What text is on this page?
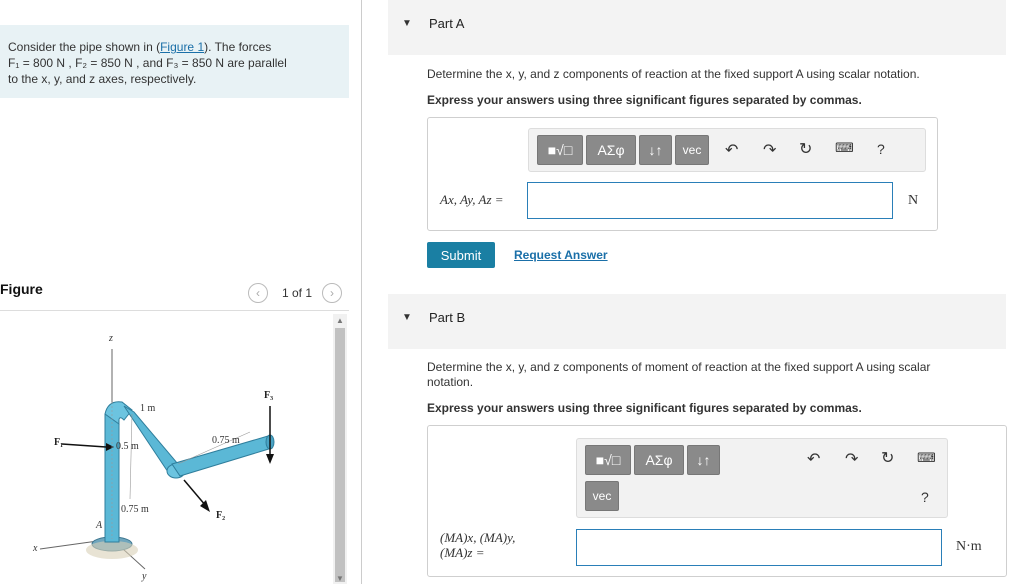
Consider the pipe shown in (Figure 1). The forces
F₁ = 800 N , F₂ = 850 N , and F₃ = 850 N are parallel
to the x, y, and z axes, respectively.
Figure	‹	1 of 1	›
z
x
y
A
F₁
F₂
F₃
1 m
0.5 m
0.75 m
0.75 m
▲
▼
▼ Part A
Determine the x, y, and z components of reaction at the fixed support A using scalar notation.
Express your answers using three significant figures separated by commas.
■√□	AΣφ	↓↑	vec	↶ ↷ ↻ ⌨ ?
Ax, Ay, Az =	N
Submit	Request Answer
▼ Part B
Determine the x, y, and z components of moment of reaction at the fixed support A using scalar
notation.
Express your answers using three significant figures separated by commas.
■√□	AΣφ	↓↑
vec
↶ ↷ ↻ ⌨
?
(MA)x, (MA)y,
(MA)z =	N·m
